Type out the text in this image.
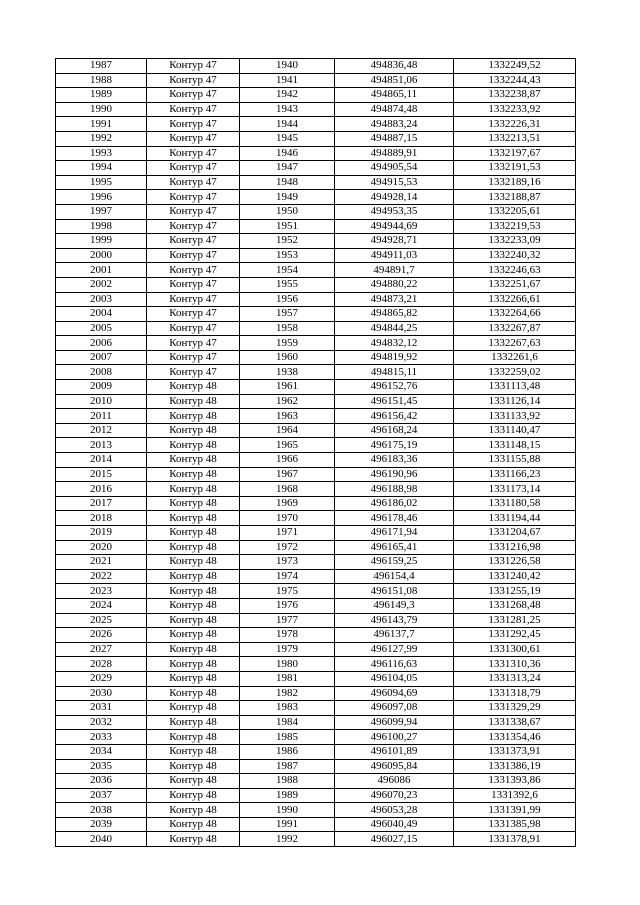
1987	Контур 47	1940	494836,48	1332249,52
1988	Контур 47	1941	494851,06	1332244,43
1989	Контур 47	1942	494865,11	1332238,87
1990	Контур 47	1943	494874,48	1332233,92
1991	Контур 47	1944	494883,24	1332226,31
1992	Контур 47	1945	494887,15	1332213,51
1993	Контур 47	1946	494889,91	1332197,67
1994	Контур 47	1947	494905,54	1332191,53
1995	Контур 47	1948	494915,53	1332189,16
1996	Контур 47	1949	494928,14	1332188,87
1997	Контур 47	1950	494953,35	1332205,61
1998	Контур 47	1951	494944,69	1332219,53
1999	Контур 47	1952	494928,71	1332233,09
2000	Контур 47	1953	494911,03	1332240,32
2001	Контур 47	1954	494891,7	1332246,63
2002	Контур 47	1955	494880,22	1332251,67
2003	Контур 47	1956	494873,21	1332266,61
2004	Контур 47	1957	494865,82	1332264,66
2005	Контур 47	1958	494844,25	1332267,87
2006	Контур 47	1959	494832,12	1332267,63
2007	Контур 47	1960	494819,92	1332261,6
2008	Контур 47	1938	494815,11	1332259,02
2009	Контур 48	1961	496152,76	1331113,48
2010	Контур 48	1962	496151,45	1331126,14
2011	Контур 48	1963	496156,42	1331133,92
2012	Контур 48	1964	496168,24	1331140,47
2013	Контур 48	1965	496175,19	1331148,15
2014	Контур 48	1966	496183,36	1331155,88
2015	Контур 48	1967	496190,96	1331166,23
2016	Контур 48	1968	496188,98	1331173,14
2017	Контур 48	1969	496186,02	1331180,58
2018	Контур 48	1970	496178,46	1331194,44
2019	Контур 48	1971	496171,94	1331204,67
2020	Контур 48	1972	496165,41	1331216,98
2021	Контур 48	1973	496159,25	1331226,58
2022	Контур 48	1974	496154,4	1331240,42
2023	Контур 48	1975	496151,08	1331255,19
2024	Контур 48	1976	496149,3	1331268,48
2025	Контур 48	1977	496143,79	1331281,25
2026	Контур 48	1978	496137,7	1331292,45
2027	Контур 48	1979	496127,99	1331300,61
2028	Контур 48	1980	496116,63	1331310,36
2029	Контур 48	1981	496104,05	1331313,24
2030	Контур 48	1982	496094,69	1331318,79
2031	Контур 48	1983	496097,08	1331329,29
2032	Контур 48	1984	496099,94	1331338,67
2033	Контур 48	1985	496100,27	1331354,46
2034	Контур 48	1986	496101,89	1331373,91
2035	Контур 48	1987	496095,84	1331386,19
2036	Контур 48	1988	496086	1331393,86
2037	Контур 48	1989	496070,23	1331392,6
2038	Контур 48	1990	496053,28	1331391,99
2039	Контур 48	1991	496040,49	1331385,98
2040	Контур 48	1992	496027,15	1331378,91
